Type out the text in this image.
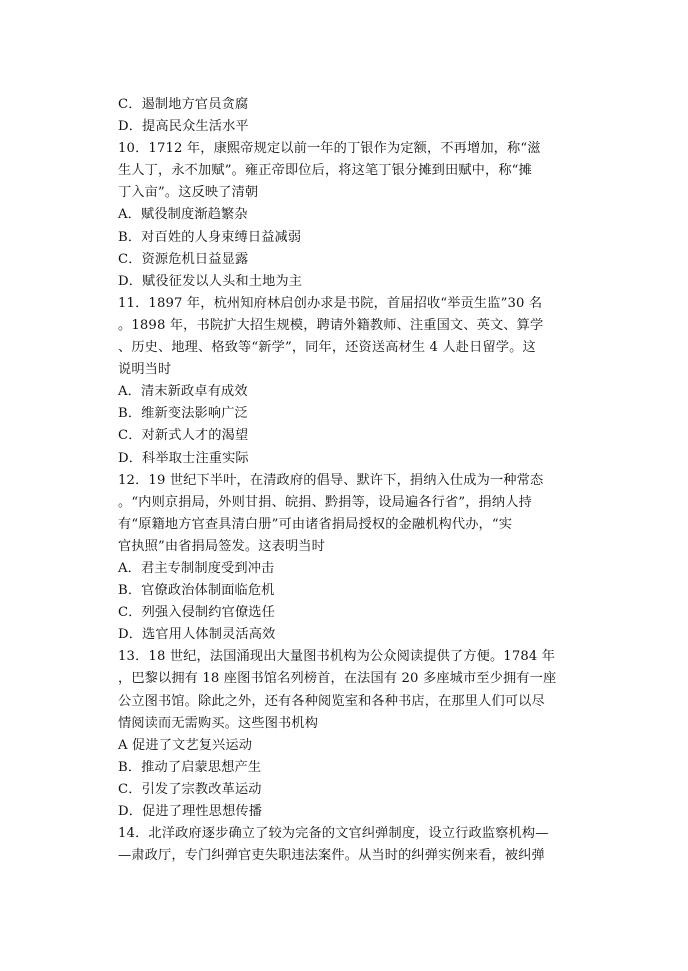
C．遏制地方官员贪腐
D．提高民众生活水平
10．1712 年，康熙帝规定以前一年的丁银作为定额，不再增加，称“滋
生人丁，永不加赋”。雍正帝即位后，将这笔丁银分摊到田赋中，称“摊
丁入亩”。这反映了清朝
A．赋役制度渐趋繁杂
B．对百姓的人身束缚日益减弱
C．资源危机日益显露
D．赋役征发以人头和土地为主
11．1897 年，杭州知府林启创办求是书院，首届招收“举贡生监”30 名
。1898 年，书院扩大招生规模，聘请外籍教师、注重国文、英文、算学
、历史、地理、格致等“新学”，同年，还资送高材生 4 人赴日留学。这
说明当时
A．清末新政卓有成效
B．维新变法影响广泛
C．对新式人才的渴望
D．科举取士注重实际
12．19 世纪下半叶，在清政府的倡导、默许下，捐纳入仕成为一种常态
。“内则京捐局，外则甘捐、皖捐、黔捐等，设局遍各行省”，捐纳人持
有“原籍地方官查具清白册”可由诸省捐局授权的金融机构代办，“实
官执照”由省捐局签发。这表明当时
A．君主专制制度受到冲击
B．官僚政治体制面临危机
C．列强入侵制约官僚选任
D．选官用人体制灵活高效
13．18 世纪，法国涌现出大量图书机构为公众阅读提供了方便。1784 年
，巴黎以拥有 18 座图书馆名列榜首，在法国有 20 多座城市至少拥有一座
公立图书馆。除此之外，还有各种阅览室和各种书店，在那里人们可以尽
情阅读而无需购买。这些图书机构
A 促进了文艺复兴运动
B．推动了启蒙思想产生
C．引发了宗教改革运动
D．促进了理性思想传播
14．北洋政府逐步确立了较为完备的文官纠弹制度，设立行政监察机构—
—肃政厅，专门纠弹官吏失职违法案件。从当时的纠弹实例来看，被纠弹
